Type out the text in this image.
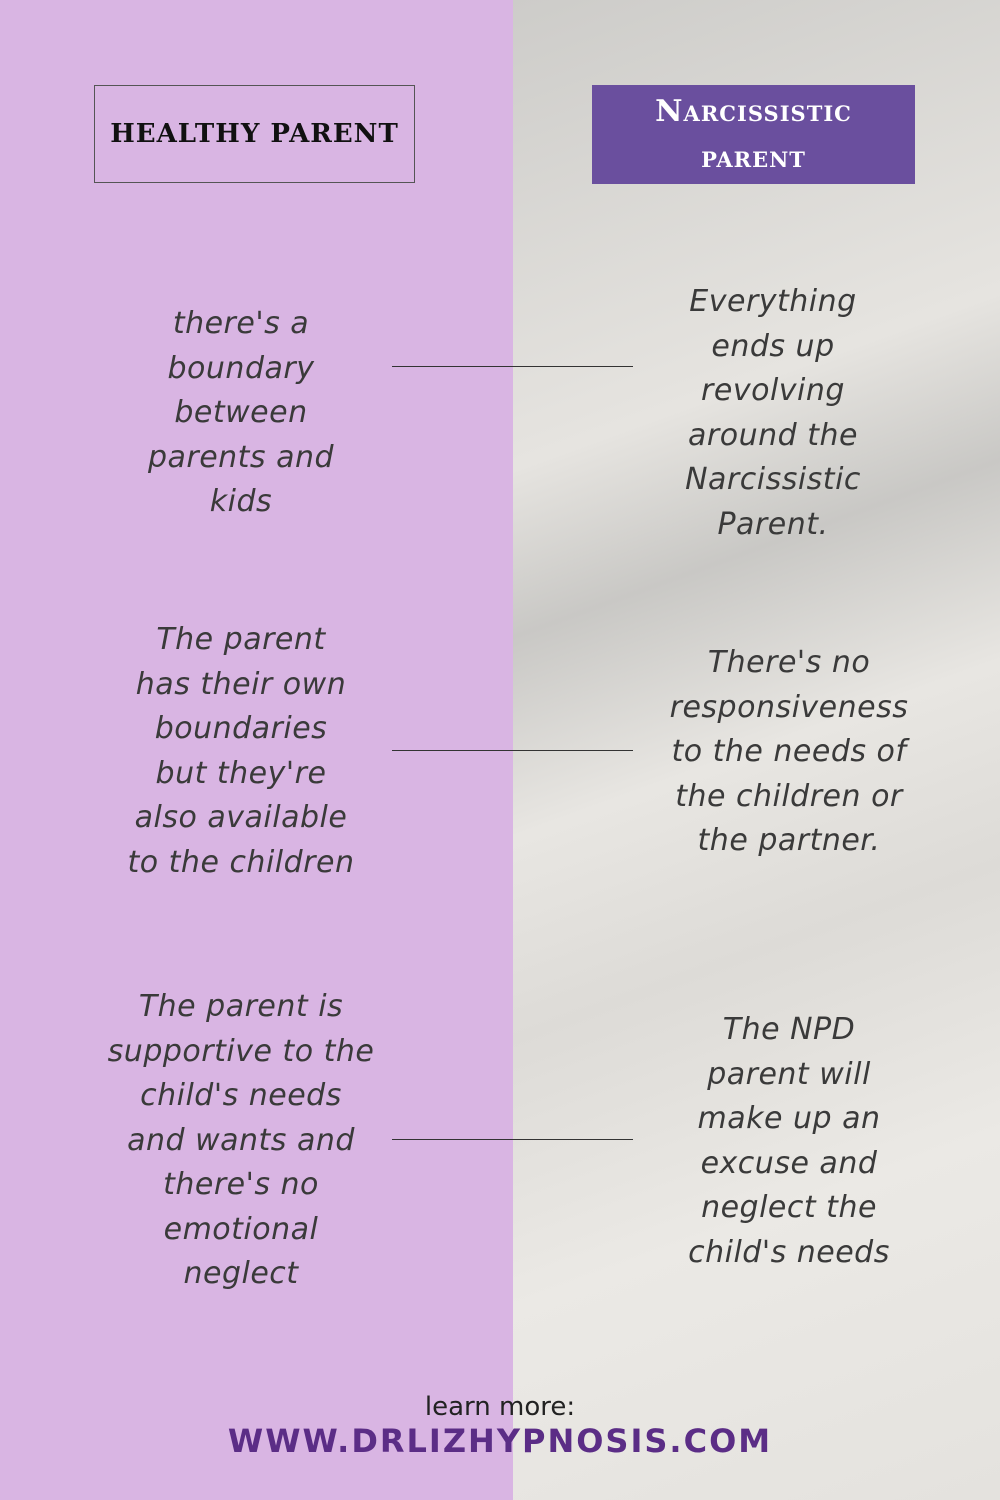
HEALTHY PARENT
Narcissistic
parent
there's a
boundary
between
parents and
kids
Everything
ends up
revolving
around the
Narcissistic
Parent.
The parent
has their own
boundaries
but they're
also available
to the children
There's no
responsiveness
to the needs of
the children or
the partner.
The parent is
supportive to the
child's needs
and wants and
there's no
emotional
neglect
The NPD
parent will
make up an
excuse and
neglect the
child's needs
learn more:
WWW.DRLIZHYPNOSIS.COM
